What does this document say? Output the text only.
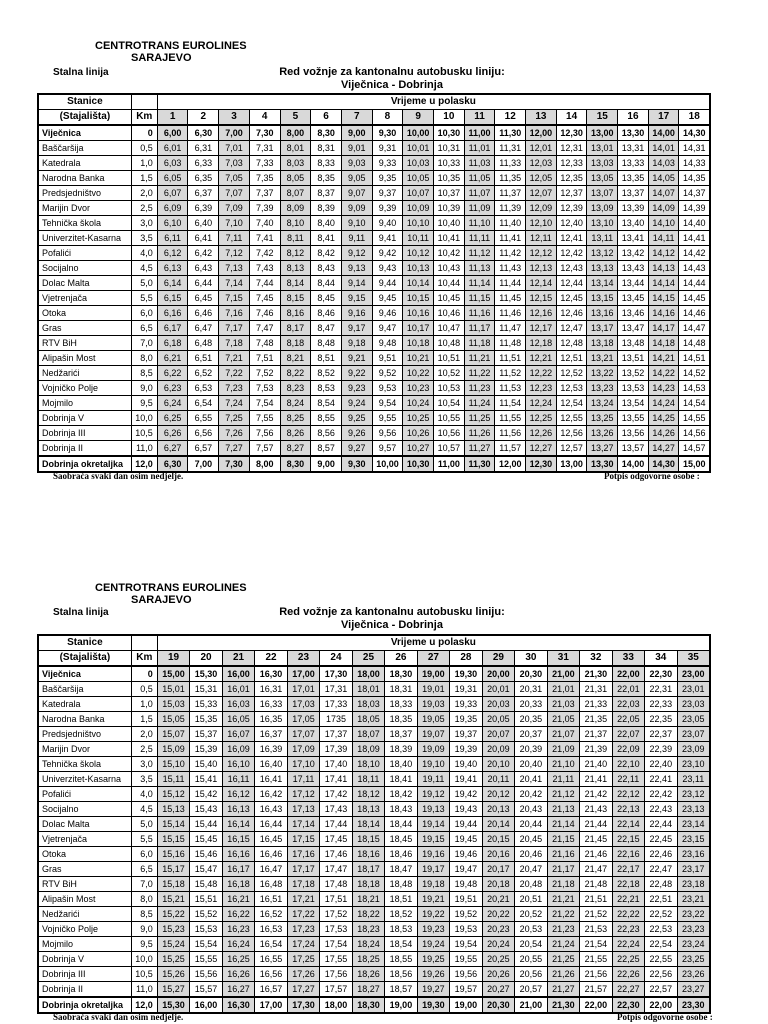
CENTROTRANS EUROLINES
SARAJEVO
Stalna linija	Red vožnje za kantonalnu autobusku liniju:
Viječnica - Dobrinja
Stanice		Vrijeme u polasku																	
(Stajališta)	Km	1	2	3	4	5	6	7	8	9	10	11	12	13	14	15	16	17	18
Viječnica	0	6,00	6,30	7,00	7,30	8,00	8,30	9,00	9,30	10,00	10,30	11,00	11,30	12,00	12,30	13,00	13,30	14,00	14,30
Baščaršija	0,5	6,01	6,31	7,01	7,31	8,01	8,31	9,01	9,31	10,01	10,31	11,01	11,31	12,01	12,31	13,01	13,31	14,01	14,31
Katedrala	1,0	6,03	6,33	7,03	7,33	8,03	8,33	9,03	9,33	10,03	10,33	11,03	11,33	12,03	12,33	13,03	13,33	14,03	14,33
Narodna Banka	1,5	6,05	6,35	7,05	7,35	8,05	8,35	9,05	9,35	10,05	10,35	11,05	11,35	12,05	12,35	13,05	13,35	14,05	14,35
Predsjedništvo	2,0	6,07	6,37	7,07	7,37	8,07	8,37	9,07	9,37	10,07	10,37	11,07	11,37	12,07	12,37	13,07	13,37	14,07	14,37
Marijin Dvor	2,5	6,09	6,39	7,09	7,39	8,09	8,39	9,09	9,39	10,09	10,39	11,09	11,39	12,09	12,39	13,09	13,39	14,09	14,39
Tehnička škola	3,0	6,10	6,40	7,10	7,40	8,10	8,40	9,10	9,40	10,10	10,40	11,10	11,40	12,10	12,40	13,10	13,40	14,10	14,40
Univerzitet-Kasarna	3,5	6,11	6,41	7,11	7,41	8,11	8,41	9,11	9,41	10,11	10,41	11,11	11,41	12,11	12,41	13,11	13,41	14,11	14,41
Pofalići	4,0	6,12	6,42	7,12	7,42	8,12	8,42	9,12	9,42	10,12	10,42	11,12	11,42	12,12	12,42	13,12	13,42	14,12	14,42
Socijalno	4,5	6,13	6,43	7,13	7,43	8,13	8,43	9,13	9,43	10,13	10,43	11,13	11,43	12,13	12,43	13,13	13,43	14,13	14,43
Dolac Malta	5,0	6,14	6,44	7,14	7,44	8,14	8,44	9,14	9,44	10,14	10,44	11,14	11,44	12,14	12,44	13,14	13,44	14,14	14,44
Vjetrenjača	5,5	6,15	6,45	7,15	7,45	8,15	8,45	9,15	9,45	10,15	10,45	11,15	11,45	12,15	12,45	13,15	13,45	14,15	14,45
Otoka	6,0	6,16	6,46	7,16	7,46	8,16	8,46	9,16	9,46	10,16	10,46	11,16	11,46	12,16	12,46	13,16	13,46	14,16	14,46
Gras	6,5	6,17	6,47	7,17	7,47	8,17	8,47	9,17	9,47	10,17	10,47	11,17	11,47	12,17	12,47	13,17	13,47	14,17	14,47
RTV BiH	7,0	6,18	6,48	7,18	7,48	8,18	8,48	9,18	9,48	10,18	10,48	11,18	11,48	12,18	12,48	13,18	13,48	14,18	14,48
Alipašin Most	8,0	6,21	6,51	7,21	7,51	8,21	8,51	9,21	9,51	10,21	10,51	11,21	11,51	12,21	12,51	13,21	13,51	14,21	14,51
Nedžarići	8,5	6,22	6,52	7,22	7,52	8,22	8,52	9,22	9,52	10,22	10,52	11,22	11,52	12,22	12,52	13,22	13,52	14,22	14,52
Vojničko Polje	9,0	6,23	6,53	7,23	7,53	8,23	8,53	9,23	9,53	10,23	10,53	11,23	11,53	12,23	12,53	13,23	13,53	14,23	14,53
Mojmilo	9,5	6,24	6,54	7,24	7,54	8,24	8,54	9,24	9,54	10,24	10,54	11,24	11,54	12,24	12,54	13,24	13,54	14,24	14,54
Dobrinja V	10,0	6,25	6,55	7,25	7,55	8,25	8,55	9,25	9,55	10,25	10,55	11,25	11,55	12,25	12,55	13,25	13,55	14,25	14,55
Dobrinja III	10,5	6,26	6,56	7,26	7,56	8,26	8,56	9,26	9,56	10,26	10,56	11,26	11,56	12,26	12,56	13,26	13,56	14,26	14,56
Dobrinja II	11,0	6,27	6,57	7,27	7,57	8,27	8,57	9,27	9,57	10,27	10,57	11,27	11,57	12,27	12,57	13,27	13,57	14,27	14,57
Dobrinja okretaljka	12,0	6,30	7,00	7,30	8,00	8,30	9,00	9,30	10,00	10,30	11,00	11,30	12,00	12,30	13,00	13,30	14,00	14,30	15,00
Saobraća svaki dan osim nedjelje.	Potpis odgovorne osobe :
CENTROTRANS EUROLINES
SARAJEVO
Stalna linija	Red vožnje za kantonalnu autobusku liniju:
Viječnica - Dobrinja
Stanice		Vrijeme u polasku																
(Stajališta)	Km	19	20	21	22	23	24	25	26	27	28	29	30	31	32	33	34	35
Viječnica	0	15,00	15,30	16,00	16,30	17,00	17,30	18,00	18,30	19,00	19,30	20,00	20,30	21,00	21,30	22,00	22,30	23,00
Baščaršija	0,5	15,01	15,31	16,01	16,31	17,01	17,31	18,01	18,31	19,01	19,31	20,01	20,31	21,01	21,31	22,01	22,31	23,01
Katedrala	1,0	15,03	15,33	16,03	16,33	17,03	17,33	18,03	18,33	19,03	19,33	20,03	20,33	21,03	21,33	22,03	22,33	23,03
Narodna Banka	1,5	15,05	15,35	16,05	16,35	17,05	1735	18,05	18,35	19,05	19,35	20,05	20,35	21,05	21,35	22,05	22,35	23,05
Predsjedništvo	2,0	15,07	15,37	16,07	16,37	17,07	17,37	18,07	18,37	19,07	19,37	20,07	20,37	21,07	21,37	22,07	22,37	23,07
Marijin Dvor	2,5	15,09	15,39	16,09	16,39	17,09	17,39	18,09	18,39	19,09	19,39	20,09	20,39	21,09	21,39	22,09	22,39	23,09
Tehnička škola	3,0	15,10	15,40	16,10	16,40	17,10	17,40	18,10	18,40	19,10	19,40	20,10	20,40	21,10	21,40	22,10	22,40	23,10
Univerzitet-Kasarna	3,5	15,11	15,41	16,11	16,41	17,11	17,41	18,11	18,41	19,11	19,41	20,11	20,41	21,11	21,41	22,11	22,41	23,11
Pofalići	4,0	15,12	15,42	16,12	16,42	17,12	17,42	18,12	18,42	19,12	19,42	20,12	20,42	21,12	21,42	22,12	22,42	23,12
Socijalno	4,5	15,13	15,43	16,13	16,43	17,13	17,43	18,13	18,43	19,13	19,43	20,13	20,43	21,13	21,43	22,13	22,43	23,13
Dolac Malta	5,0	15,14	15,44	16,14	16,44	17,14	17,44	18,14	18,44	19,14	19,44	20,14	20,44	21,14	21,44	22,14	22,44	23,14
Vjetrenjača	5,5	15,15	15,45	16,15	16,45	17,15	17,45	18,15	18,45	19,15	19,45	20,15	20,45	21,15	21,45	22,15	22,45	23,15
Otoka	6,0	15,16	15,46	16,16	16,46	17,16	17,46	18,16	18,46	19,16	19,46	20,16	20,46	21,16	21,46	22,16	22,46	23,16
Gras	6,5	15,17	15,47	16,17	16,47	17,17	17,47	18,17	18,47	19,17	19,47	20,17	20,47	21,17	21,47	22,17	22,47	23,17
RTV BiH	7,0	15,18	15,48	16,18	16,48	17,18	17,48	18,18	18,48	19,18	19,48	20,18	20,48	21,18	21,48	22,18	22,48	23,18
Alipašin Most	8,0	15,21	15,51	16,21	16,51	17,21	17,51	18,21	18,51	19,21	19,51	20,21	20,51	21,21	21,51	22,21	22,51	23,21
Nedžarići	8,5	15,22	15,52	16,22	16,52	17,22	17,52	18,22	18,52	19,22	19,52	20,22	20,52	21,22	21,52	22,22	22,52	23,22
Vojničko Polje	9,0	15,23	15,53	16,23	16,53	17,23	17,53	18,23	18,53	19,23	19,53	20,23	20,53	21,23	21,53	22,23	22,53	23,23
Mojmilo	9,5	15,24	15,54	16,24	16,54	17,24	17,54	18,24	18,54	19,24	19,54	20,24	20,54	21,24	21,54	22,24	22,54	23,24
Dobrinja V	10,0	15,25	15,55	16,25	16,55	17,25	17,55	18,25	18,55	19,25	19,55	20,25	20,55	21,25	21,55	22,25	22,55	23,25
Dobrinja III	10,5	15,26	15,56	16,26	16,56	17,26	17,56	18,26	18,56	19,26	19,56	20,26	20,56	21,26	21,56	22,26	22,56	23,26
Dobrinja II	11,0	15,27	15,57	16,27	16,57	17,27	17,57	18,27	18,57	19,27	19,57	20,27	20,57	21,27	21,57	22,27	22,57	23,27
Dobrinja okretaljka	12,0	15,30	16,00	16,30	17,00	17,30	18,00	18,30	19,00	19,30	19,00	20,30	21,00	21,30	22,00	22,30	22,00	23,30
Saobraća svaki dan osim nedjelje.	Potpis odgovorne osobe :
